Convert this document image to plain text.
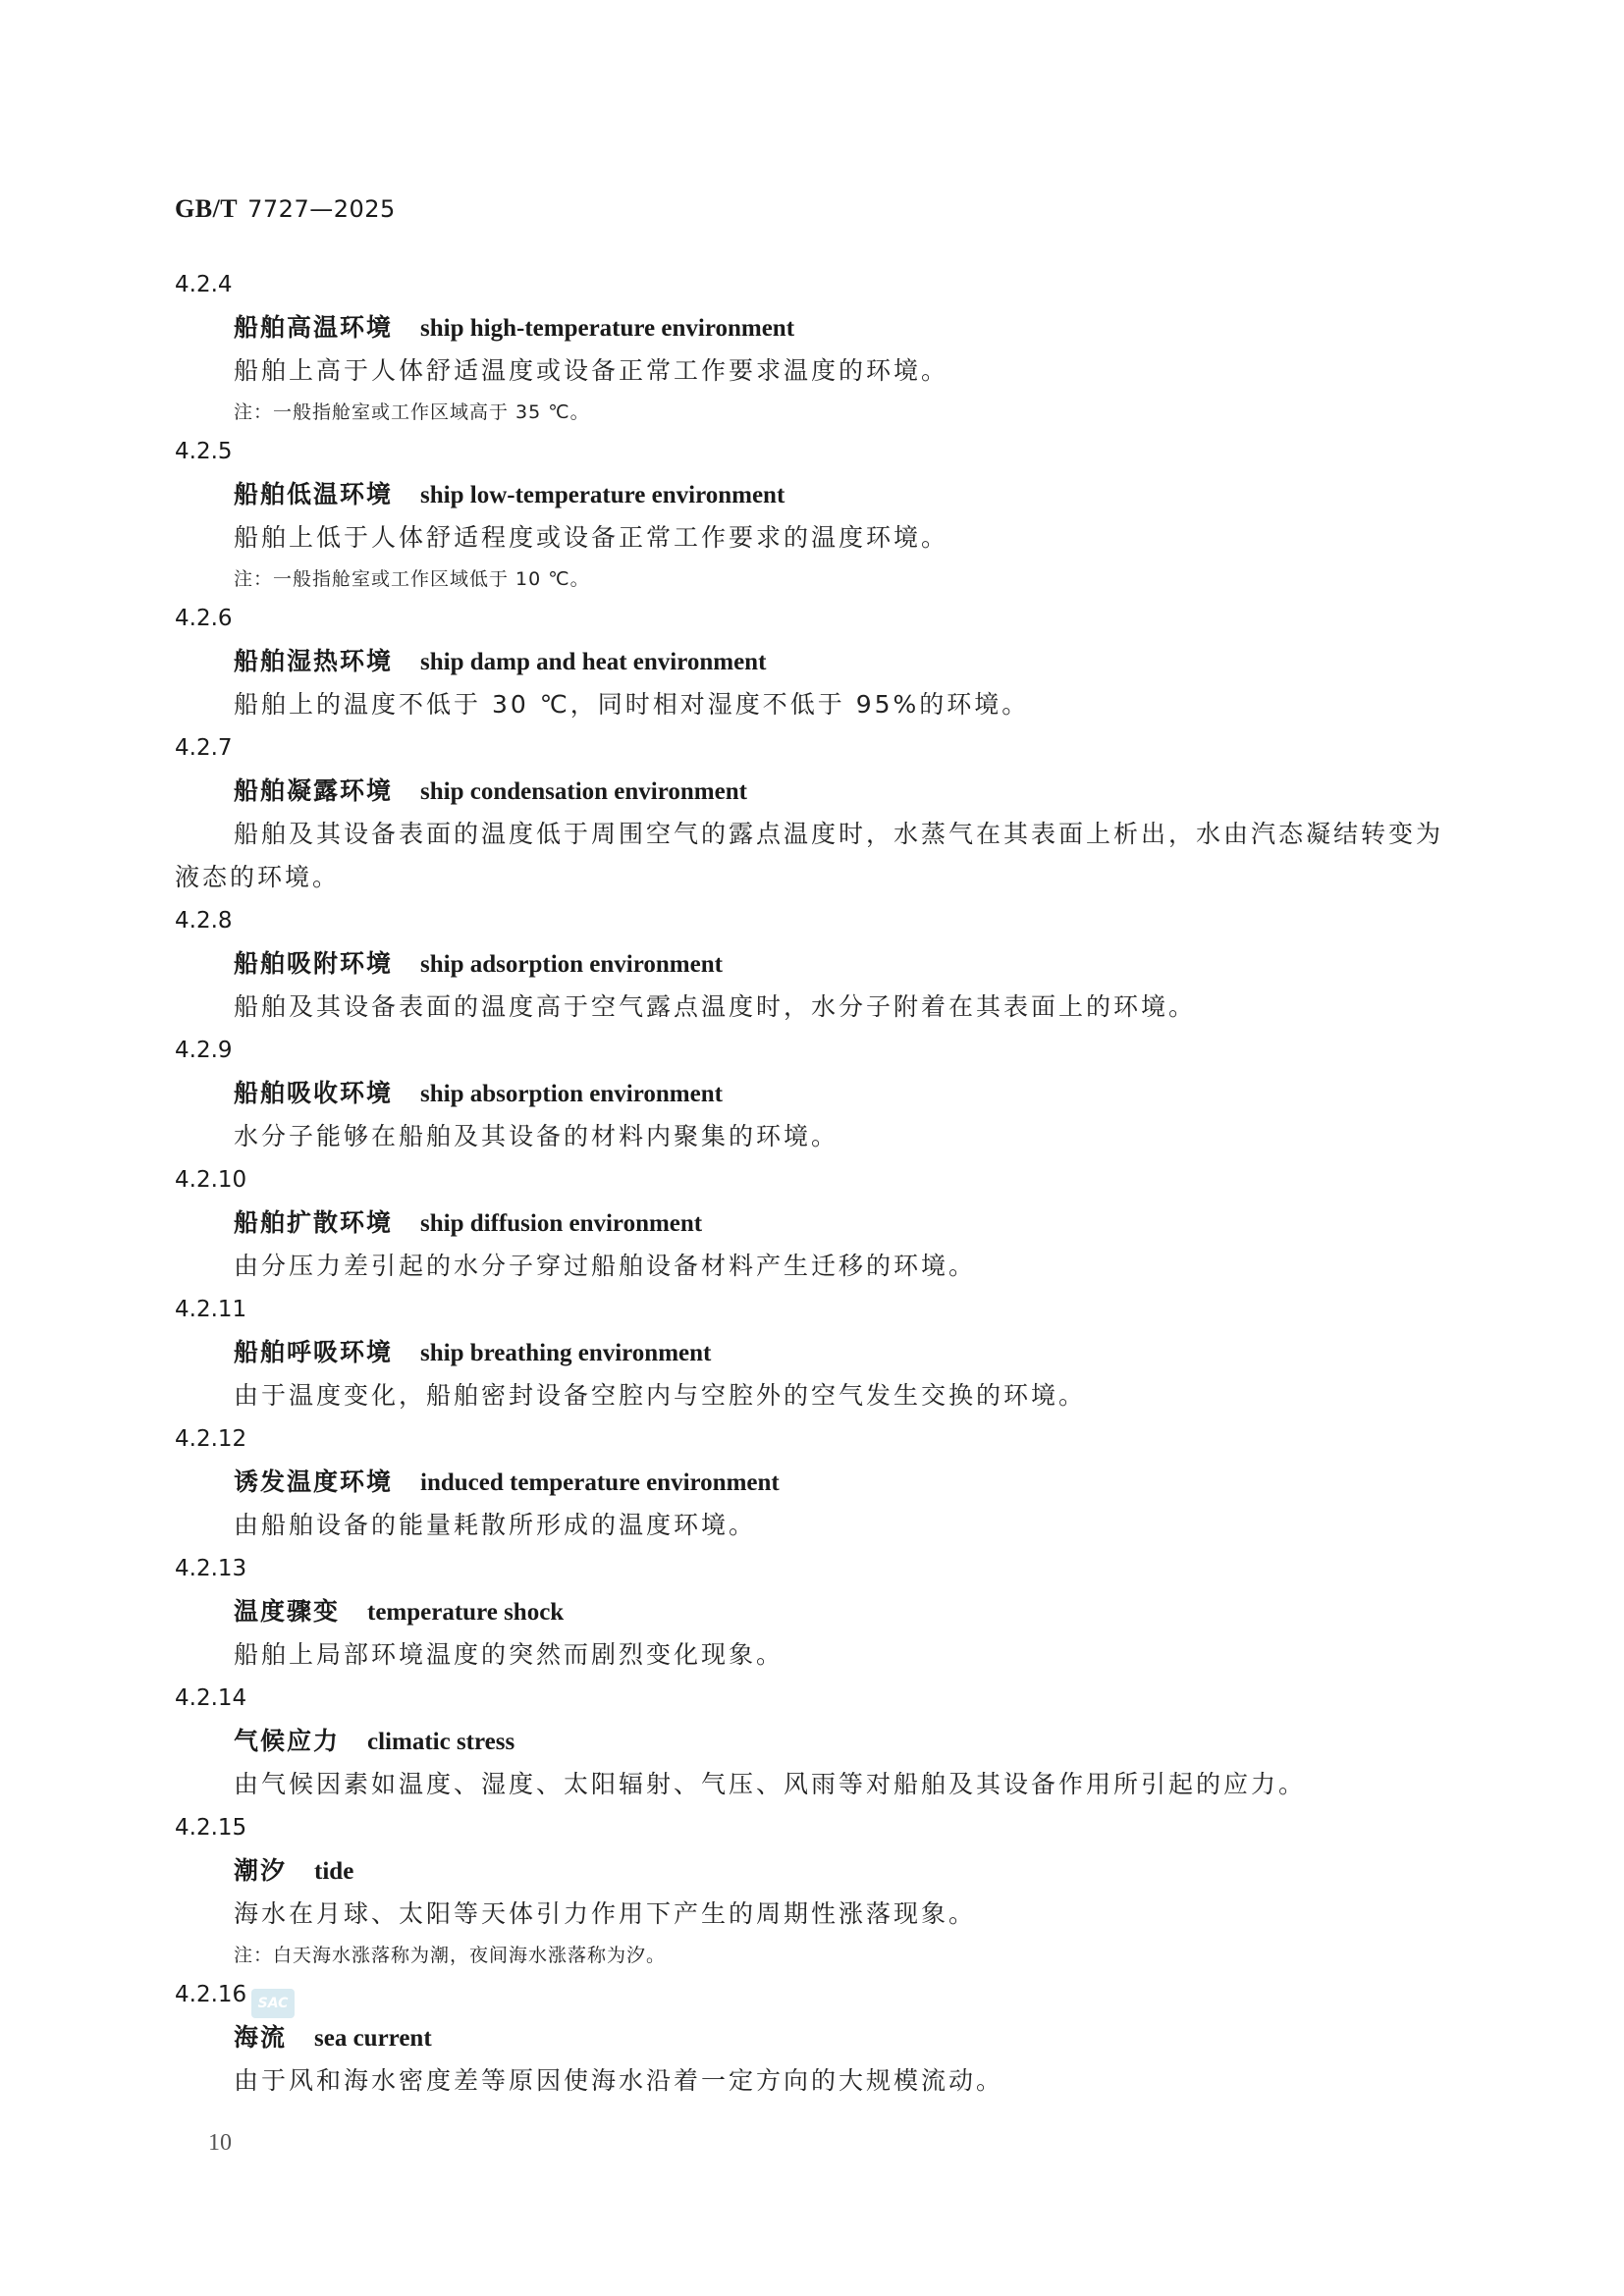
GB/T 7727—2025
4.2.4
船舶高温环境 ship high-temperature environment
船舶上高于人体舒适温度或设备正常工作要求温度的环境。
注：一般指舱室或工作区域高于 35 ℃。
4.2.5
船舶低温环境 ship low-temperature environment
船舶上低于人体舒适程度或设备正常工作要求的温度环境。
注：一般指舱室或工作区域低于 10 ℃。
4.2.6
船舶湿热环境 ship damp and heat environment
船舶上的温度不低于 30 ℃，同时相对湿度不低于 95%的环境。
4.2.7
船舶凝露环境 ship condensation environment
船舶及其设备表面的温度低于周围空气的露点温度时，水蒸气在其表面上析出，水由汽态凝结转变为液态的环境。
4.2.8
船舶吸附环境 ship adsorption environment
船舶及其设备表面的温度高于空气露点温度时，水分子附着在其表面上的环境。
4.2.9
船舶吸收环境 ship absorption environment
水分子能够在船舶及其设备的材料内聚集的环境。
4.2.10
船舶扩散环境 ship diffusion environment
由分压力差引起的水分子穿过船舶设备材料产生迁移的环境。
4.2.11
船舶呼吸环境 ship breathing environment
由于温度变化，船舶密封设备空腔内与空腔外的空气发生交换的环境。
4.2.12
诱发温度环境 induced temperature environment
由船舶设备的能量耗散所形成的温度环境。
4.2.13
温度骤变 temperature shock
船舶上局部环境温度的突然而剧烈变化现象。
4.2.14
气候应力 climatic stress
由气候因素如温度、湿度、太阳辐射、气压、风雨等对船舶及其设备作用所引起的应力。
4.2.15
潮汐 tide
海水在月球、太阳等天体引力作用下产生的周期性涨落现象。
注：白天海水涨落称为潮，夜间海水涨落称为汐。
4.2.16
海流 sea current
由于风和海水密度差等原因使海水沿着一定方向的大规模流动。
SAC
10
